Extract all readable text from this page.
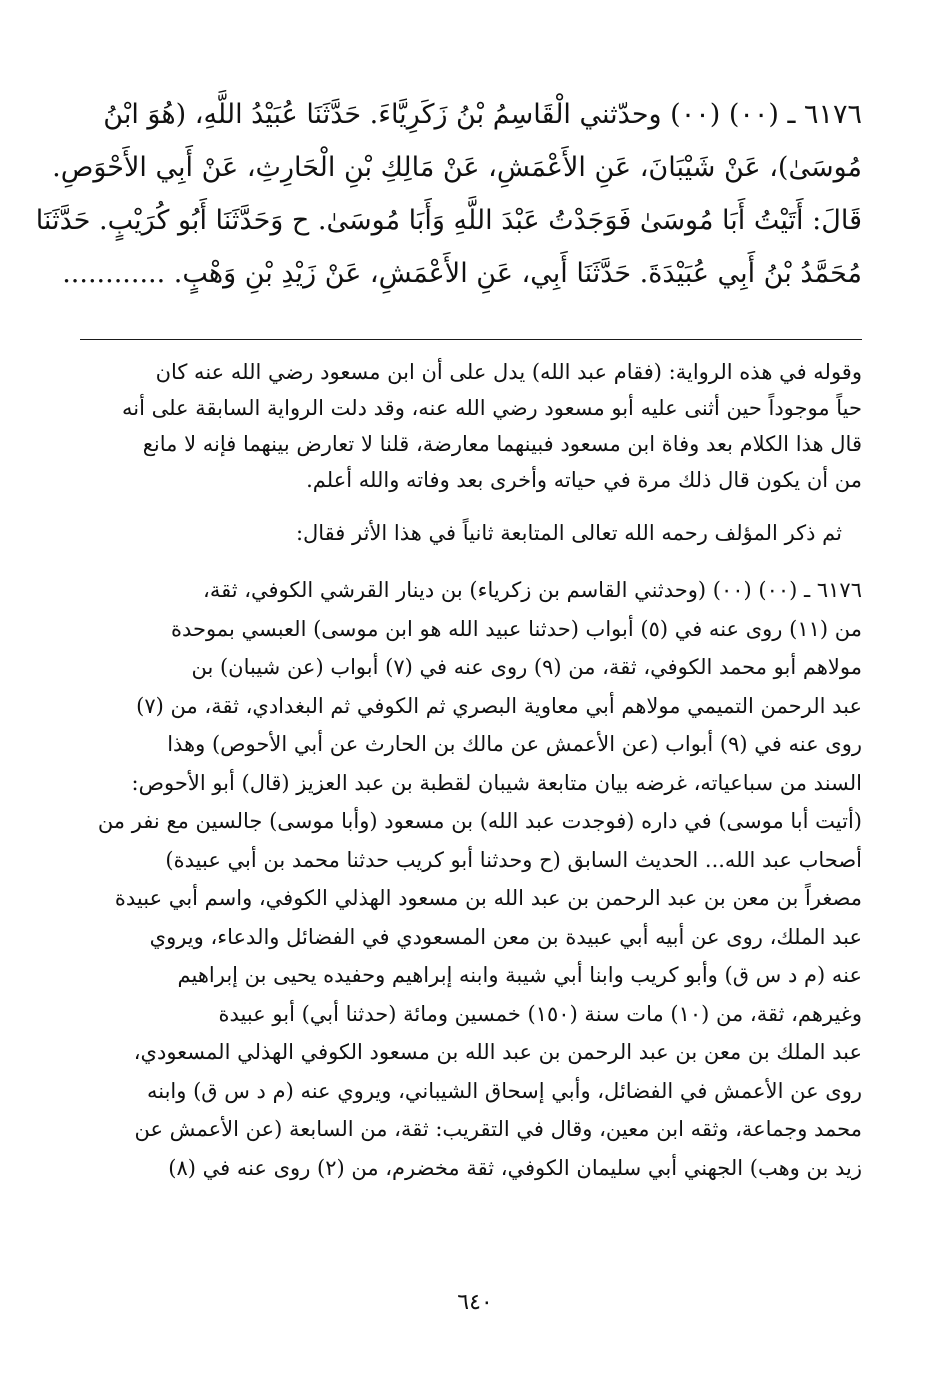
٦١٧٦ ـ (٠٠) (٠٠) وحدّثني الْقَاسِمُ بْنُ زَكَرِيَّاءَ. حَدَّثَنَا عُبَيْدُ اللَّهِ، (هُوَ ابْنُ

مُوسَىٰ)، عَنْ شَيْبَانَ، عَنِ الأَعْمَشِ، عَنْ مَالِكِ بْنِ الْحَارِثِ، عَنْ أَبِي الأَحْوَصِ.

قَالَ: أَتَيْتُ أَبَا مُوسَىٰ فَوَجَدْتُ عَبْدَ اللَّهِ وَأَبَا مُوسَىٰ. ح وَحَدَّثَنَا أَبُو كُرَيْبٍ. حَدَّثَنَا

مُحَمَّدُ بْنُ أَبِي عُبَيْدَةَ. حَدَّثَنَا أَبِي، عَنِ الأَعْمَشِ، عَنْ زَيْدِ بْنِ وَهْبٍ. ............

وقوله في هذه الرواية: (فقام عبد الله) يدل على أن ابن مسعود رضي الله عنه كان

حياً موجوداً حين أثنى عليه أبو مسعود رضي الله عنه، وقد دلت الرواية السابقة على أنه

قال هذا الكلام بعد وفاة ابن مسعود فبينهما معارضة، قلنا لا تعارض بينهما فإنه لا مانع

من أن يكون قال ذلك مرة في حياته وأخرى بعد وفاته والله أعلم.

ثم ذكر المؤلف رحمه الله تعالى المتابعة ثانياً في هذا الأثر فقال:

٦١٧٦ ـ (٠٠) (٠٠) (وحدثني القاسم بن زكرياء) بن دينار القرشي الكوفي، ثقة،

من (١١) روى عنه في (٥) أبواب (حدثنا عبيد الله هو ابن موسى) العبسي بموحدة

مولاهم أبو محمد الكوفي، ثقة، من (٩) روى عنه في (٧) أبواب (عن شيبان) بن

عبد الرحمن التميمي مولاهم أبي معاوية البصري ثم الكوفي ثم البغدادي، ثقة، من (٧)

روى عنه في (٩) أبواب (عن الأعمش عن مالك بن الحارث عن أبي الأحوص) وهذا

السند من سباعياته، غرضه بيان متابعة شيبان لقطبة بن عبد العزيز (قال) أبو الأحوص:

(أتيت أبا موسى) في داره (فوجدت عبد الله) بن مسعود (وأبا موسى) جالسين مع نفر من

أصحاب عبد الله... الحديث السابق (ح وحدثنا أبو كريب حدثنا محمد بن أبي عبيدة)

مصغراً بن معن بن عبد الرحمن بن عبد الله بن مسعود الهذلي الكوفي، واسم أبي عبيدة

عبد الملك، روى عن أبيه أبي عبيدة بن معن المسعودي في الفضائل والدعاء، ويروي

عنه (م د س ق) وأبو كريب وابنا أبي شيبة وابنه إبراهيم وحفيده يحيى بن إبراهيم

وغيرهم، ثقة، من (١٠) مات سنة (١٥٠) خمسين ومائة (حدثنا أبي) أبو عبيدة

عبد الملك بن معن بن عبد الرحمن بن عبد الله بن مسعود الكوفي الهذلي المسعودي،

روى عن الأعمش في الفضائل، وأبي إسحاق الشيباني، ويروي عنه (م د س ق) وابنه

محمد وجماعة، وثقه ابن معين، وقال في التقريب: ثقة، من السابعة (عن الأعمش عن

زيد بن وهب) الجهني أبي سليمان الكوفي، ثقة مخضرم، من (٢) روى عنه في (٨)

٦٤٠
